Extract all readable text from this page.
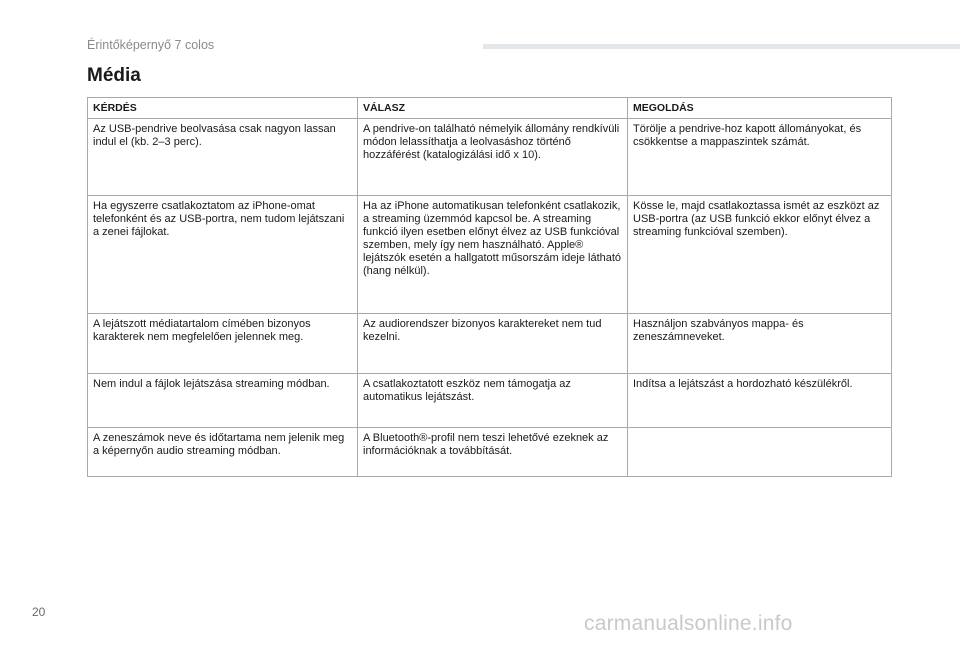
Érintőképernyő 7 colos
Média
KÉRDÉS	VÁLASZ	MEGOLDÁS
Az USB-pendrive beolvasása csak nagyon lassan indul el (kb. 2–3 perc).	A pendrive-on található némelyik állomány rendkívüli módon lelassíthatja a leolvasáshoz történő hozzáférést (katalogizálási idő x 10).	Törölje a pendrive-hoz kapott állományokat, és csökkentse a mappaszintek számát.
Ha egyszerre csatlakoztatom az iPhone-omat telefonként és az USB-portra, nem tudom lejátszani a zenei fájlokat.	Ha az iPhone automatikusan telefonként csatlakozik, a streaming üzemmód kapcsol be. A streaming funkció ilyen esetben előnyt élvez az USB funkcióval szemben, mely így nem használható. Apple® lejátszók esetén a hallgatott műsorszám ideje látható (hang nélkül).	Kösse le, majd csatlakoztassa ismét az eszközt az USB-portra (az USB funkció ekkor előnyt élvez a streaming funkcióval szemben).
A lejátszott médiatartalom címében bizonyos karakterek nem megfelelően jelennek meg.	Az audiorendszer bizonyos karaktereket nem tud kezelni.	Használjon szabványos mappa- és zeneszámneveket.
Nem indul a fájlok lejátszása streaming módban.	A csatlakoztatott eszköz nem támogatja az automatikus lejátszást.	Indítsa a lejátszást a hordozható készülékről.
A zeneszámok neve és időtartama nem jelenik meg a képernyőn audio streaming módban.	A Bluetooth®-profil nem teszi lehetővé ezeknek az információknak a továbbítását.	
20	carmanualsonline.info
